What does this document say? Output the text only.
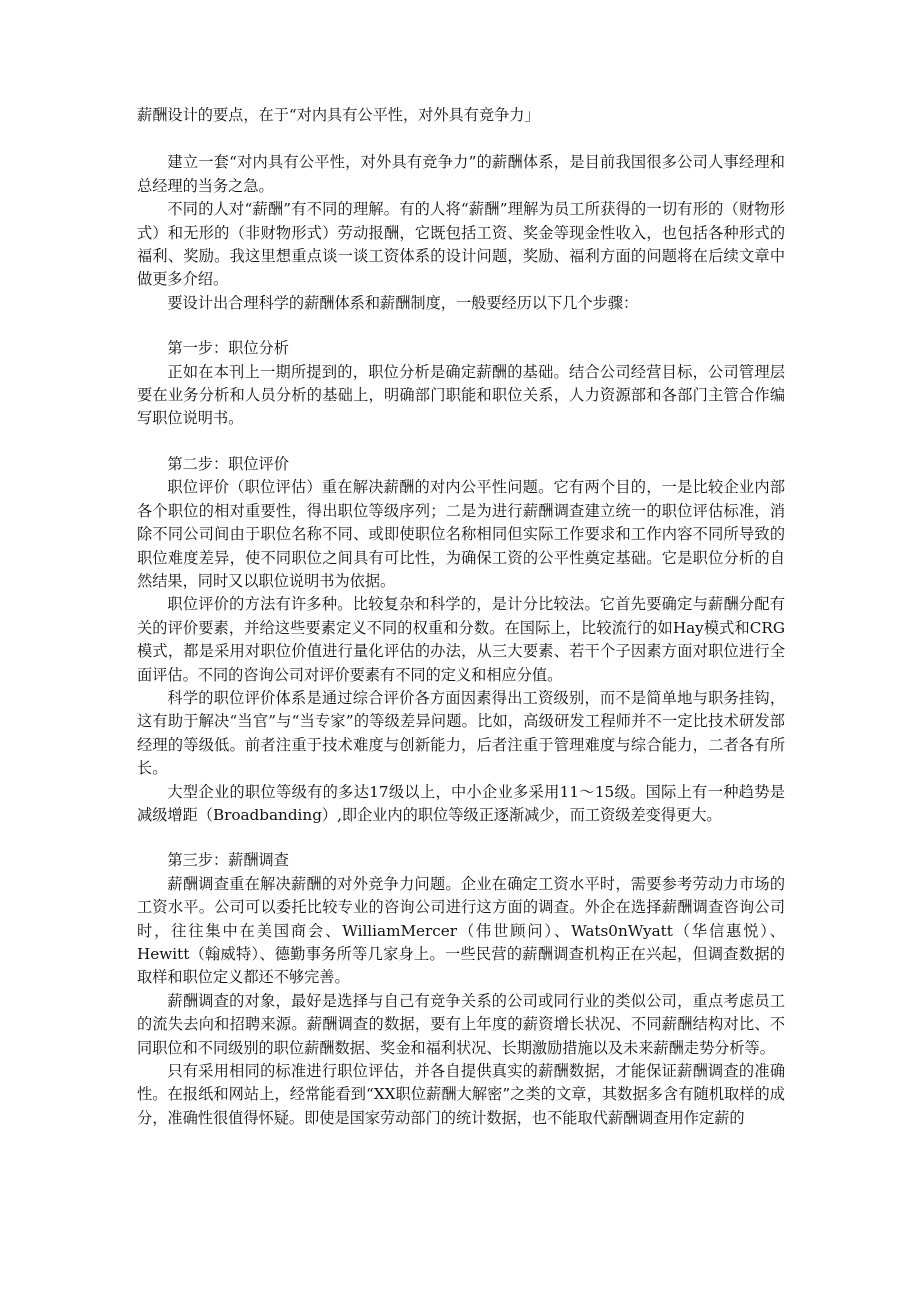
薪酬设计的要点，在于“对内具有公平性，对外具有竞争力」

建立一套“对内具有公平性，对外具有竞争力”的薪酬体系，是目前我国很多公司人事经理和总经理的当务之急。

不同的人对“薪酬”有不同的理解。有的人将“薪酬”理解为员工所获得的一切有形的（财物形式）和无形的（非财物形式）劳动报酬，它既包括工资、奖金等现金性收入，也包括各种形式的福利、奖励。我这里想重点谈一谈工资体系的设计问题，奖励、福利方面的问题将在后续文章中做更多介绍。

要设计出合理科学的薪酬体系和薪酬制度，一般要经历以下几个步骤：

第一步：职位分析

正如在本刊上一期所提到的，职位分析是确定薪酬的基础。结合公司经营目标，公司管理层要在业务分析和人员分析的基础上，明确部门职能和职位关系，人力资源部和各部门主管合作编写职位说明书。

第二步：职位评价

职位评价（职位评估）重在解决薪酬的对内公平性问题。它有两个目的，一是比较企业内部各个职位的相对重要性，得出职位等级序列；二是为进行薪酬调查建立统一的职位评估标准，消除不同公司间由于职位名称不同、或即使职位名称相同但实际工作要求和工作内容不同所导致的职位难度差异，使不同职位之间具有可比性，为确保工资的公平性奠定基础。它是职位分析的自然结果，同时又以职位说明书为依据。

职位评价的方法有许多种。比较复杂和科学的，是计分比较法。它首先要确定与薪酬分配有关的评价要素，并给这些要素定义不同的权重和分数。在国际上，比较流行的如Hay模式和CRG模式，都是采用对职位价值进行量化评估的办法，从三大要素、若干个子因素方面对职位进行全面评估。不同的咨询公司对评价要素有不同的定义和相应分值。

科学的职位评价体系是通过综合评价各方面因素得出工资级别，而不是简单地与职务挂钩，这有助于解决“当官”与“当专家”的等级差异问题。比如，高级研发工程师并不一定比技术研发部经理的等级低。前者注重于技术难度与创新能力，后者注重于管理难度与综合能力，二者各有所长。

大型企业的职位等级有的多达17级以上，中小企业多采用11～15级。国际上有一种趋势是减级增距（Broadbanding）,即企业内的职位等级正逐渐减少，而工资级差变得更大。

第三步：薪酬调查

薪酬调查重在解决薪酬的对外竞争力问题。企业在确定工资水平时，需要参考劳动力市场的工资水平。公司可以委托比较专业的咨询公司进行这方面的调查。外企在选择薪酬调查咨询公司时，往往集中在美国商会、WilliamMercer（伟世顾问）、Wats0nWyatt（华信惠悦）、Hewitt（翰威特）、德勤事务所等几家身上。一些民营的薪酬调查机构正在兴起，但调查数据的取样和职位定义都还不够完善。

薪酬调查的对象，最好是选择与自己有竞争关系的公司或同行业的类似公司，重点考虑员工的流失去向和招聘来源。薪酬调查的数据，要有上年度的薪资增长状况、不同薪酬结构对比、不同职位和不同级别的职位薪酬数据、奖金和福利状况、长期激励措施以及未来薪酬走势分析等。

只有采用相同的标准进行职位评估，并各自提供真实的薪酬数据，才能保证薪酬调查的准确性。在报纸和网站上，经常能看到“XX职位薪酬大解密”之类的文章，其数据多含有随机取样的成分，准确性很值得怀疑。即使是国家劳动部门的统计数据，也不能取代薪酬调查用作定薪的
